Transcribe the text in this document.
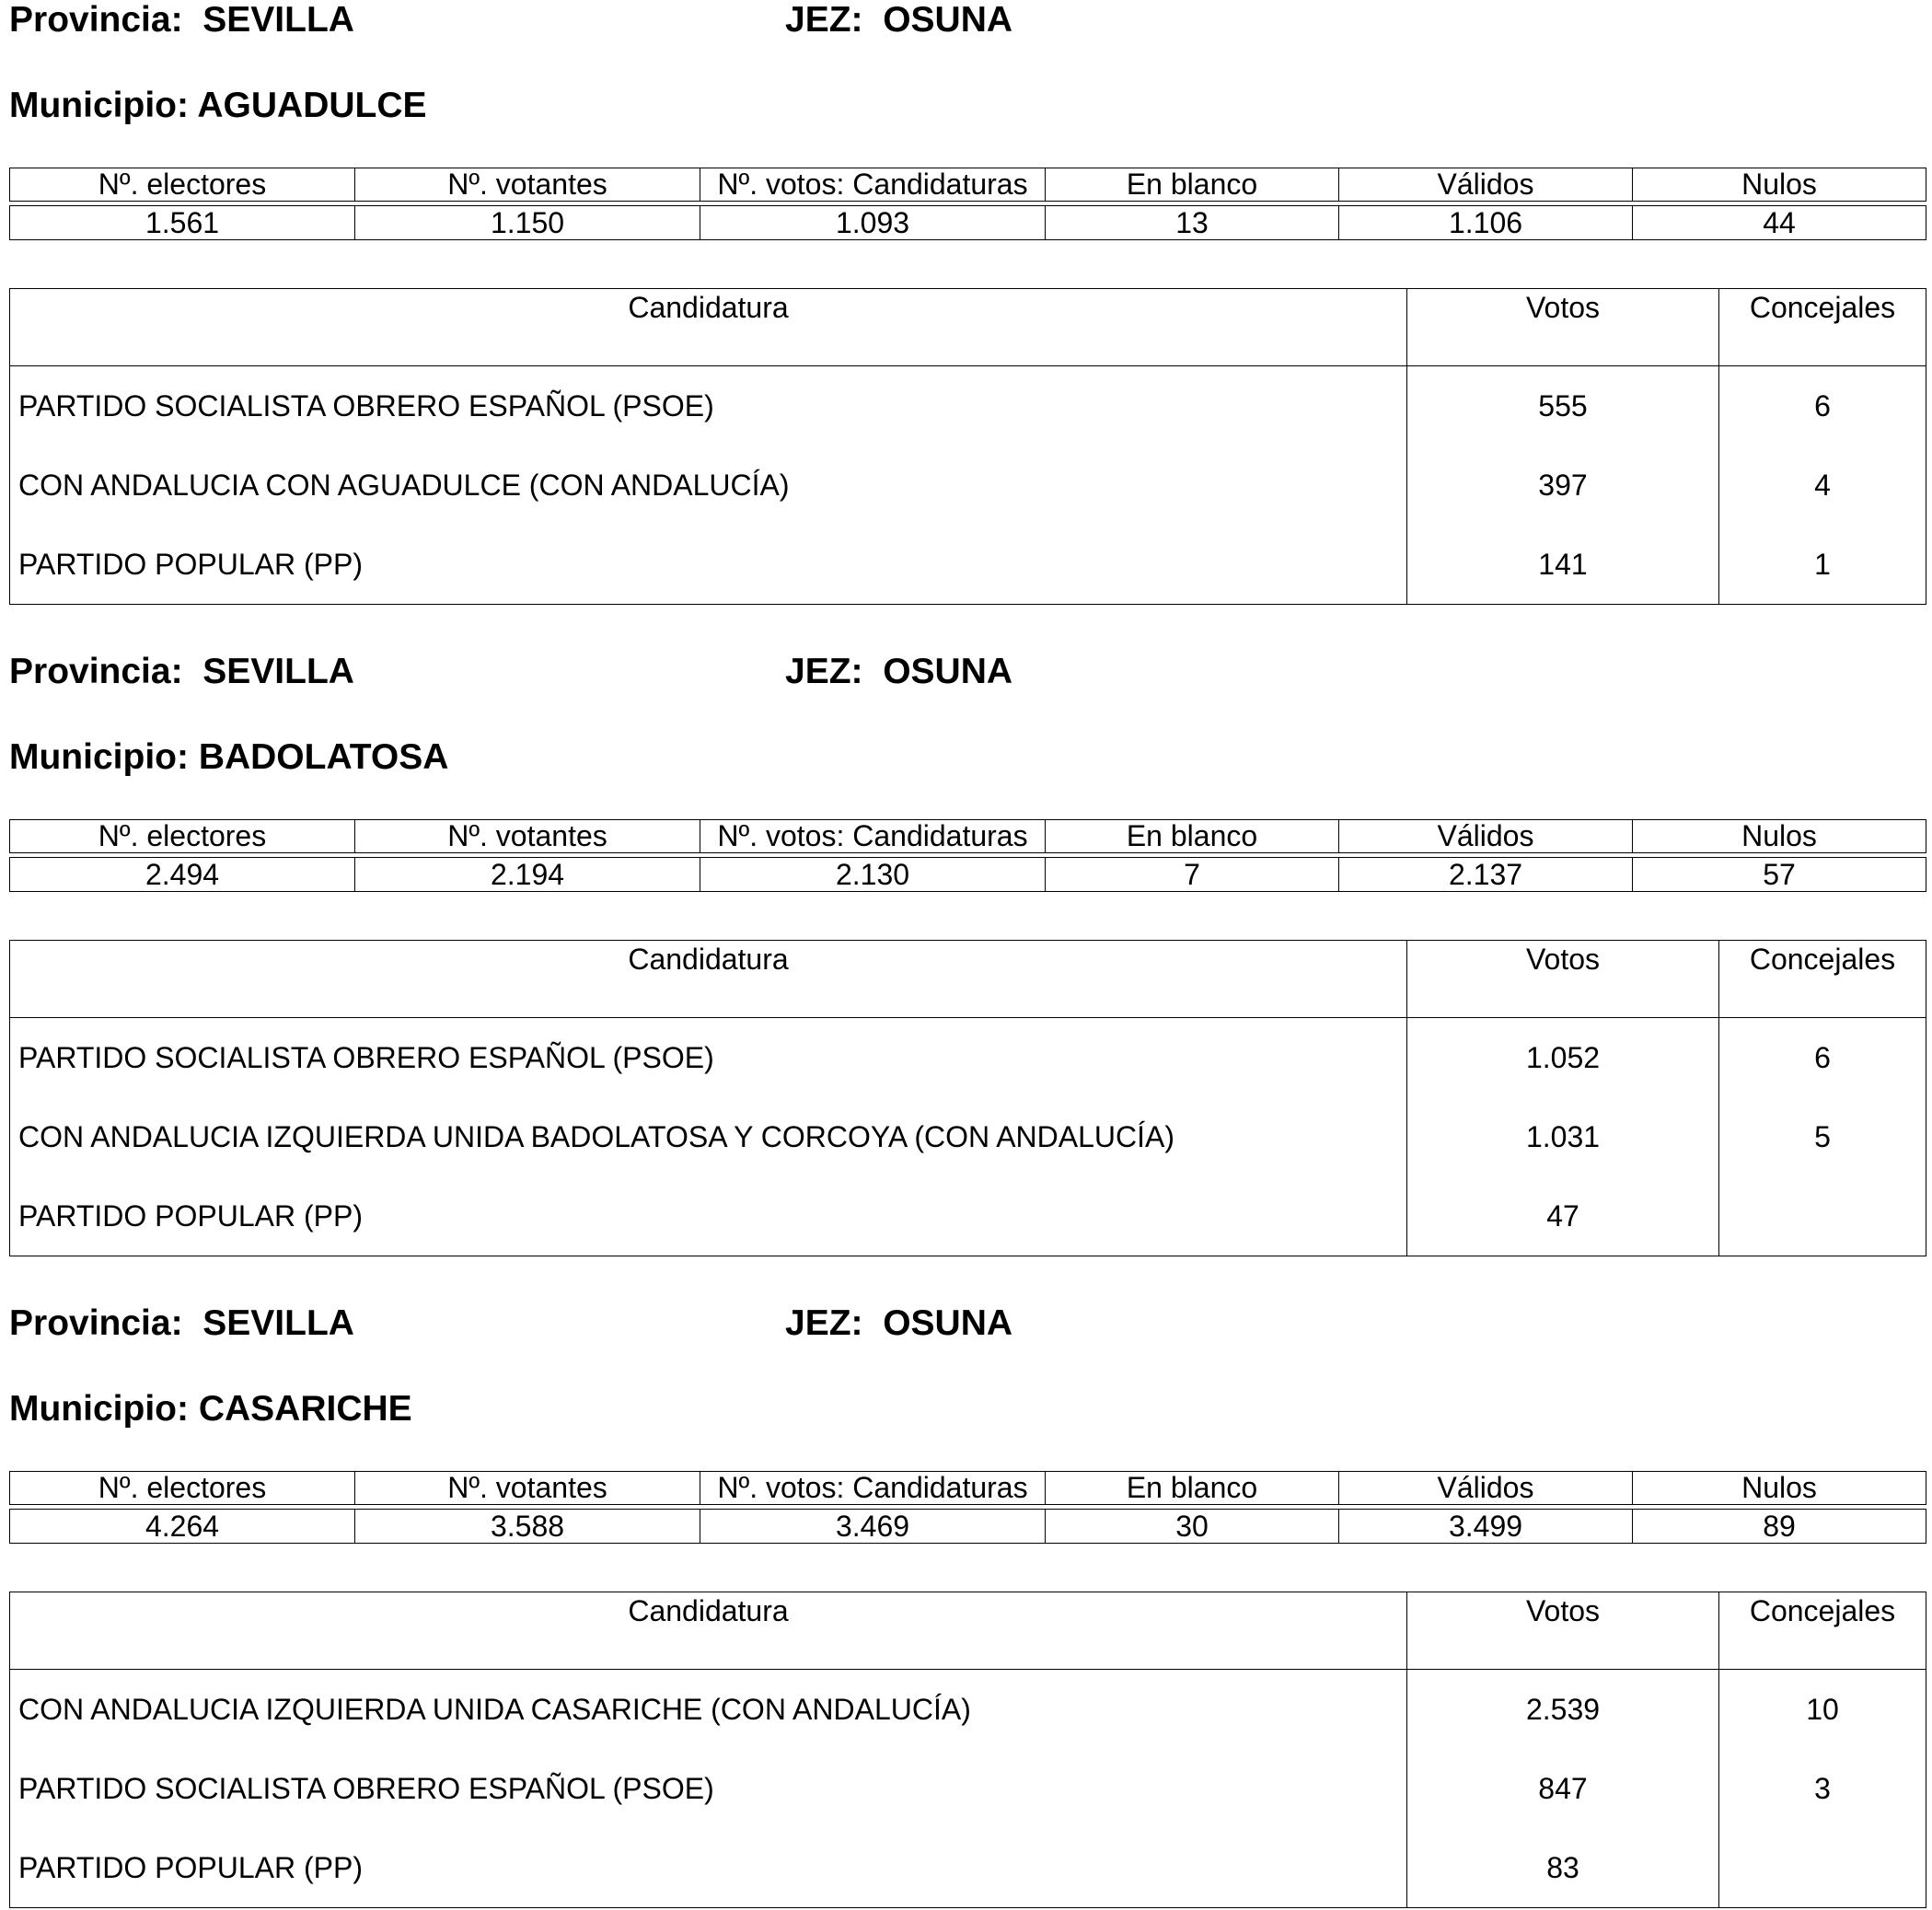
Provincia: SEVILLA	JEZ: OSUNA
Municipio: AGUADULCE
Nº. electores	Nº. votantes	Nº. votos: Candidaturas	En blanco	Válidos	Nulos

1.561	1.150	1.093	13	1.106	44
Candidatura	Votos	Concejales
PARTIDO SOCIALISTA OBRERO ESPAÑOL (PSOE)	555	6
CON ANDALUCIA CON AGUADULCE (CON ANDALUCÍA)	397	4
PARTIDO POPULAR (PP)	141	1
Provincia: SEVILLA	JEZ: OSUNA
Municipio: BADOLATOSA
Nº. electores	Nº. votantes	Nº. votos: Candidaturas	En blanco	Válidos	Nulos

2.494	2.194	2.130	7	2.137	57
Candidatura	Votos	Concejales
PARTIDO SOCIALISTA OBRERO ESPAÑOL (PSOE)	1.052	6
CON ANDALUCIA IZQUIERDA UNIDA BADOLATOSA Y CORCOYA (CON ANDALUCÍA)	1.031	5
PARTIDO POPULAR (PP)	47	
Provincia: SEVILLA	JEZ: OSUNA
Municipio: CASARICHE
Nº. electores	Nº. votantes	Nº. votos: Candidaturas	En blanco	Válidos	Nulos

4.264	3.588	3.469	30	3.499	89
Candidatura	Votos	Concejales
CON ANDALUCIA IZQUIERDA UNIDA CASARICHE (CON ANDALUCÍA)	2.539	10
PARTIDO SOCIALISTA OBRERO ESPAÑOL (PSOE)	847	3
PARTIDO POPULAR (PP)	83	
